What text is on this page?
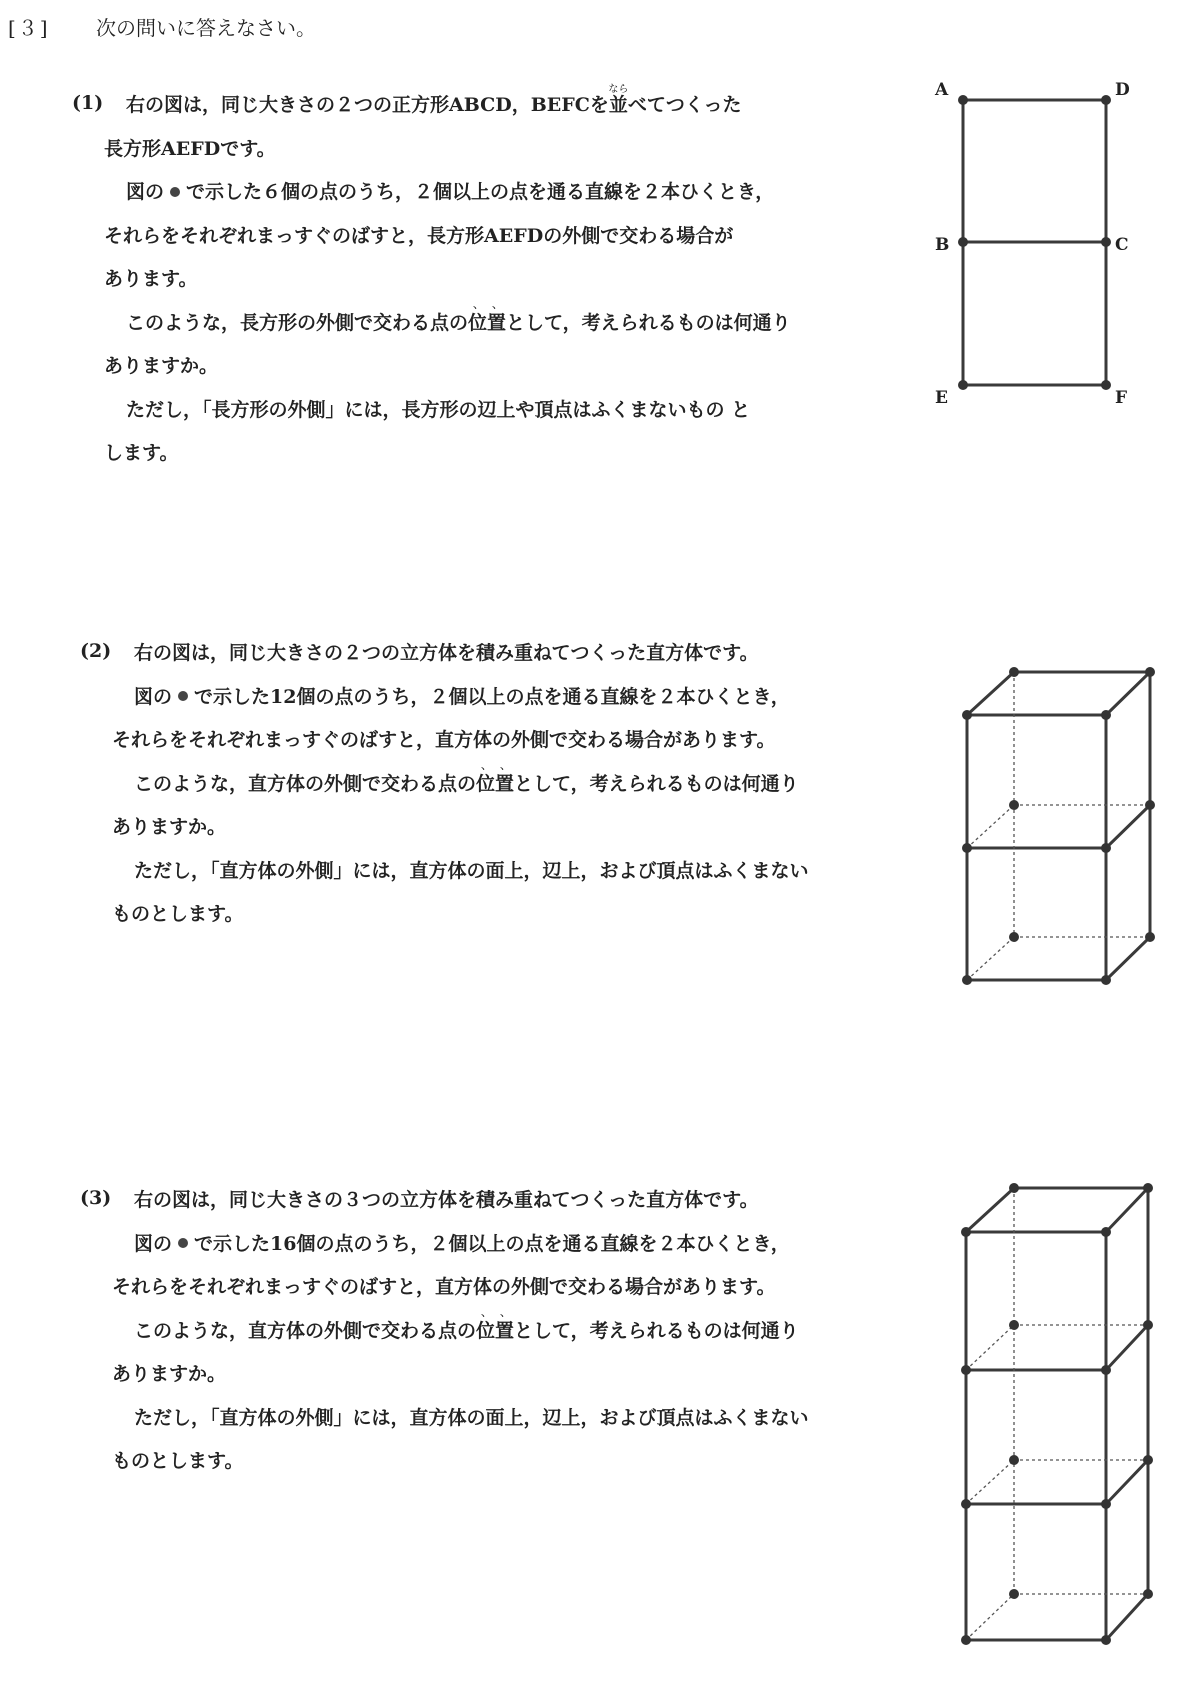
[３] 次の問いに答えなさい。
(1)	右の図は，同じ大きさの２つの正方形ABCD，BEFCを並
なら
べてつくった

長方形AEFDです。

図の で示した６個の点のうち，２個以上の点を通る直線を２本ひくとき，

それらをそれぞれまっすぐのばすと，長方形AEFDの外側で交わる場合が

あります。

このような，長方形の外側で交わる点の、 位、 置として，考えられるものは何通り

ありますか。

ただし，「長方形の外側」には，長方形の辺上や頂点はふくまないもの と

します。

A	D
B	C
E	F
(2)	右の図は，同じ大きさの２つの立方体を積み重ねてつくった直方体です。

図の で示した12個の点のうち，２個以上の点を通る直線を２本ひくとき，

それらをそれぞれまっすぐのばすと，直方体の外側で交わる場合があります。

このような，直方体の外側で交わる点の、 位、 置として，考えられるものは何通り

ありますか。

ただし，「直方体の外側」には，直方体の面上，辺上，および頂点はふくまない

ものとします。

(3)	右の図は，同じ大きさの３つの立方体を積み重ねてつくった直方体です。

図の で示した16個の点のうち，２個以上の点を通る直線を２本ひくとき，

それらをそれぞれまっすぐのばすと，直方体の外側で交わる場合があります。

このような，直方体の外側で交わる点の、 位、 置として，考えられるものは何通り

ありますか。

ただし，「直方体の外側」には，直方体の面上，辺上，および頂点はふくまない

ものとします。
